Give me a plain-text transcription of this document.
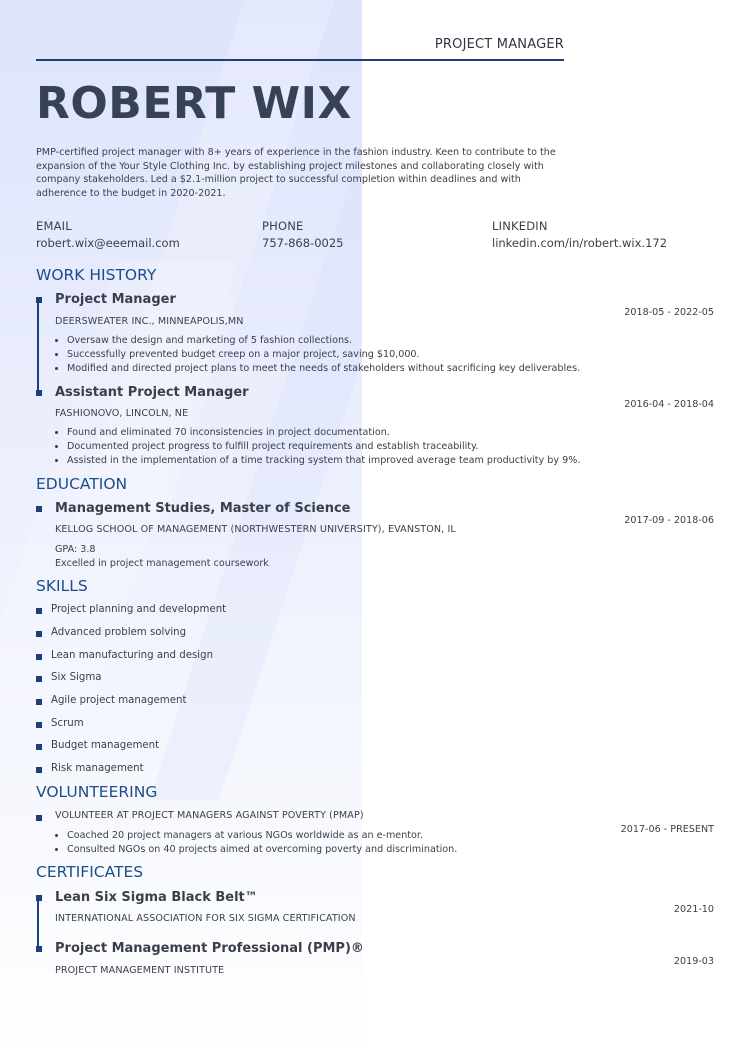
PROJECT MANAGER
ROBERT WIX
PMP-certified project manager with 8+ years of experience in the fashion industry. Keen to contribute to the expansion of the Your Style Clothing Inc. by establishing project milestones and collaborating closely with company stakeholders. Led a $2.1-million project to successful completion within deadlines and with adherence to the budget in 2020-2021.
EMAIL
robert.wix@eeemail.com
PHONE
757-868-0025
LINKEDIN
linkedin.com/in/robert.wix.172
WORK HISTORY
Project Manager
2018-05 - 2022-05
DEERSWEATER INC., MINNEAPOLIS,MN
• Oversaw the design and marketing of 5 fashion collections.
• Successfully prevented budget creep on a major project, saving $10,000.
• Modified and directed project plans to meet the needs of stakeholders without sacrificing key deliverables.
Assistant Project Manager
2016-04 - 2018-04
FASHIONOVO, LINCOLN, NE
• Found and eliminated 70 inconsistencies in project documentation.
• Documented project progress to fulfill project requirements and establish traceability.
• Assisted in the implementation of a time tracking system that improved average team productivity by 9%.
EDUCATION
Management Studies, Master of Science
2017-09 - 2018-06
KELLOG SCHOOL OF MANAGEMENT (NORTHWESTERN UNIVERSITY), EVANSTON, IL
GPA: 3.8
Excelled in project management coursework
SKILLS
Project planning and development
Advanced problem solving
Lean manufacturing and design
Six Sigma
Agile project management
Scrum
Budget management
Risk management
VOLUNTEERING
VOLUNTEER AT PROJECT MANAGERS AGAINST POVERTY (PMAP)
2017-06 - PRESENT
• Coached 20 project managers at various NGOs worldwide as an e-mentor.
• Consulted NGOs on 40 projects aimed at overcoming poverty and discrimination.
CERTIFICATES
Lean Six Sigma Black Belt™
2021-10
INTERNATIONAL ASSOCIATION FOR SIX SIGMA CERTIFICATION
Project Management Professional (PMP)®
2019-03
PROJECT MANAGEMENT INSTITUTE
